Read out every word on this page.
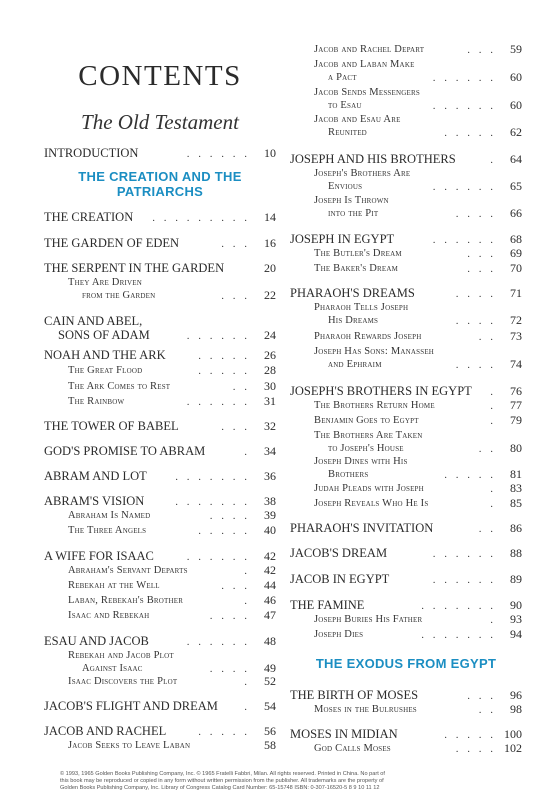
CONTENTS
The Old Testament
INTRODUCTION	. . . . . . 10
THE CREATION AND THE
PATRIARCHS
THE CREATION	. . . . . . . . . 14
THE GARDEN OF EDEN	. . . 16
THE SERPENT IN THE GARDEN	20
They Are Driven
from the Garden	. . . 22
CAIN AND ABEL,
SONS OF ADAM	. . . . . . 24
NOAH AND THE ARK	. . . . . 26
The Great Flood	. . . . . 28
The Ark Comes to Rest	. . 30
The Rainbow	. . . . . . 31
THE TOWER OF BABEL	. . . 32
GOD'S PROMISE TO ABRAM	. 34
ABRAM AND LOT	. . . . . . . 36
ABRAM'S VISION	. . . . . . . 38
Abraham Is Named	. . . . 39
The Three Angels	. . . . . 40
A WIFE FOR ISAAC	. . . . . . 42
Abraham's Servant Departs	. 42
Rebekah at the Well	. . . 44
Laban, Rebekah's Brother	. 46
Isaac and Rebekah	. . . . 47
ESAU AND JACOB	. . . . . . 48
Rebekah and Jacob Plot
Against Isaac	. . . . 49
Isaac Discovers the Plot	. 52
JACOB'S FLIGHT AND DREAM	. 54
JACOB AND RACHEL	. . . . . 56
Jacob Seeks to Leave Laban	58
Jacob and Rachel Depart	. . . 59
Jacob and Laban Make
a Pact	. . . . . . 60
Jacob Sends Messengers
to Esau	. . . . . . 60
Jacob and Esau Are
Reunited	. . . . . 62
JOSEPH AND HIS BROTHERS	. 64
Joseph's Brothers Are
Envious	. . . . . . 65
Joseph Is Thrown
into the Pit	. . . . 66
JOSEPH IN EGYPT	. . . . . . 68
The Butler's Dream	. . . 69
The Baker's Dream	. . . 70
PHARAOH'S DREAMS	. . . . 71
Pharaoh Tells Joseph
His Dreams	. . . . 72
Pharaoh Rewards Joseph	. . 73
Joseph Has Sons: Manasseh
and Ephraim	. . . . 74
JOSEPH'S BROTHERS IN EGYPT	. 76
The Brothers Return Home	. 77
Benjamin Goes to Egypt	. 79
The Brothers Are Taken
to Joseph's House	. . 80
Joseph Dines with His
Brothers	. . . . . 81
Judah Pleads with Joseph	. 83
Joseph Reveals Who He Is	. 85
PHARAOH'S INVITATION	. . 86
JACOB'S DREAM	. . . . . . 88
JACOB IN EGYPT	. . . . . . 89
THE FAMINE	. . . . . . . 90
Joseph Buries His Father	. 93
Joseph Dies	. . . . . . . 94
THE BIRTH OF MOSES	. . . 96
Moses in the Bulrushes	. . 98
MOSES IN MIDIAN	. . . . . 100
God Calls Moses	. . . . 102
THE EXODUS FROM EGYPT
© 1993, 1965 Golden Books Publishing Company, Inc. © 1965 Fratelli Fabbri, Milan. All rights reserved. Printed in China. No part of
this book may be reproduced or copied in any form without written permission from the publisher. All trademarks are the property of
Golden Books Publishing Company, Inc. Library of Congress Catalog Card Number: 65-15748 ISBN: 0-307-16520-5 8 9 10 11 12
